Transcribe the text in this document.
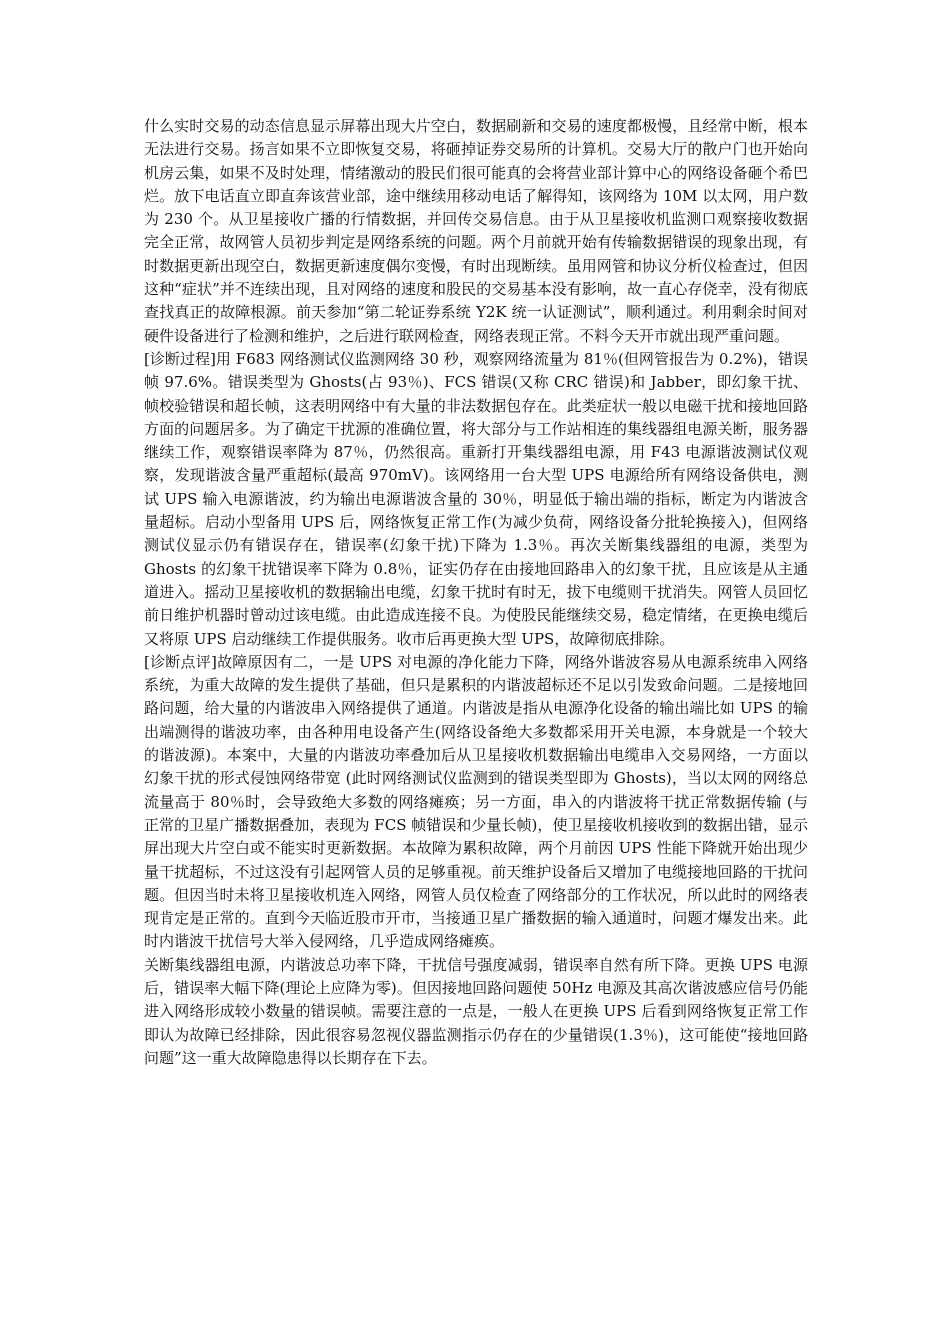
什么实时交易的动态信息显示屏幕出现大片空白，数据刷新和交易的速度都极慢，且经常中断，根本无法进行交易。扬言如果不立即恢复交易，将砸掉证券交易所的计算机。交易大厅的散户门也开始向机房云集，如果不及时处理，情绪激动的股民们很可能真的会将营业部计算中心的网络设备砸个希巴烂。放下电话直立即直奔该营业部，途中继续用移动电话了解得知，该网络为 10M 以太网，用户数为 230 个。从卫星接收广播的行情数据，并回传交易信息。由于从卫星接收机监测口观察接收数据完全正常，故网管人员初步判定是网络系统的问题。两个月前就开始有传输数据错误的现象出现，有时数据更新出现空白，数据更新速度偶尔变慢，有时出现断续。虽用网管和协议分析仪检查过，但因这种“症状”并不连续出现，且对网络的速度和股民的交易基本没有影响，故一直心存侥幸，没有彻底查找真正的故障根源。前天参加“第二轮证券系统 Y2K 统一认证测试”，顺利通过。利用剩余时间对硬件设备进行了检测和维护，之后进行联网检查，网络表现正常。不料今天开市就出现严重问题。

[诊断过程]用 F683 网络测试仪监测网络 30 秒，观察网络流量为 81％(但网管报告为 0.2%)，错误帧 97.6%。错误类型为 Ghosts(占 93％)、FCS 错误(又称 CRC 错误)和 Jabber，即幻象干扰、帧校验错误和超长帧，这表明网络中有大量的非法数据包存在。此类症状一般以电磁干扰和接地回路方面的问题居多。为了确定干扰源的准确位置，将大部分与工作站相连的集线器组电源关断，服务器继续工作，观察错误率降为 87％，仍然很高。重新打开集线器组电源，用 F43 电源谐波测试仪观察，发现谐波含量严重超标(最高 970mV)。该网络用一台大型 UPS 电源给所有网络设备供电，测试 UPS 输入电源谐波，约为输出电源谐波含量的 30％，明显低于输出端的指标，断定为内谐波含量超标。启动小型备用 UPS 后，网络恢复正常工作(为减少负荷，网络设备分批轮换接入)，但网络测试仪显示仍有错误存在，错误率(幻象干扰)下降为 1.3％。再次关断集线器组的电源，类型为 Ghosts 的幻象干扰错误率下降为 0.8％，证实仍存在由接地回路串入的幻象干扰，且应该是从主通道进入。摇动卫星接收机的数据输出电缆，幻象干扰时有时无，拔下电缆则干扰消失。网管人员回忆前日维护机器时曾动过该电缆。由此造成连接不良。为使股民能继续交易，稳定情绪，在更换电缆后又将原 UPS 启动继续工作提供服务。收市后再更换大型 UPS，故障彻底排除。

[诊断点评]故障原因有二，一是 UPS 对电源的净化能力下降，网络外谐波容易从电源系统串入网络系统，为重大故障的发生提供了基础，但只是累积的内谐波超标还不足以引发致命问题。二是接地回路问题，给大量的内谐波串入网络提供了通道。内谐波是指从电源净化设备的输出端比如 UPS 的输出端测得的谐波功率，由各种用电设备产生(网络设备绝大多数都采用开关电源，本身就是一个较大的谐波源)。本案中，大量的内谐波功率叠加后从卫星接收机数据输出电缆串入交易网络，一方面以幻象干扰的形式侵蚀网络带宽 (此时网络测试仪监测到的错误类型即为 Ghosts)，当以太网的网络总流量高于 80％时，会导致绝大多数的网络瘫痪；另一方面，串入的内谐波将干扰正常数据传输 (与正常的卫星广播数据叠加，表现为 FCS 帧错误和少量长帧)，使卫星接收机接收到的数据出错，显示屏出现大片空白或不能实时更新数据。本故障为累积故障，两个月前因 UPS 性能下降就开始出现少量干扰超标，不过这没有引起网管人员的足够重视。前天维护设备后又增加了电缆接地回路的干扰问题。但因当时未将卫星接收机连入网络，网管人员仅检查了网络部分的工作状况，所以此时的网络表现肯定是正常的。直到今天临近股市开市，当接通卫星广播数据的输入通道时，问题才爆发出来。此时内谐波干扰信号大举入侵网络，几乎造成网络瘫痪。

关断集线器组电源，内谐波总功率下降，干扰信号强度减弱，错误率自然有所下降。更换 UPS 电源后，错误率大幅下降(理论上应降为零)。但因接地回路问题使 50Hz 电源及其高次谐波感应信号仍能进入网络形成较小数量的错误帧。需要注意的一点是，一般人在更换 UPS 后看到网络恢复正常工作即认为故障已经排除，因此很容易忽视仪器监测指示仍存在的少量错误(1.3％)，这可能使“接地回路问题”这一重大故障隐患得以长期存在下去。
